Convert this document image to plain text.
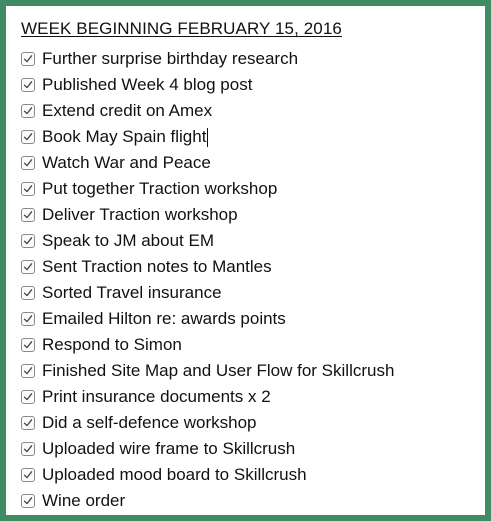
WEEK BEGINNING FEBRUARY 15, 2016
Further surprise birthday research
Published Week 4 blog post
Extend credit on Amex
Book May Spain flight
Watch War and Peace
Put together Traction workshop
Deliver Traction workshop
Speak to JM about EM
Sent Traction notes to Mantles
Sorted Travel insurance
Emailed Hilton re: awards points
Respond to Simon
Finished Site Map and User Flow for Skillcrush
Print insurance documents x 2
Did a self-defence workshop
Uploaded wire frame to Skillcrush
Uploaded mood board to Skillcrush
Wine order
